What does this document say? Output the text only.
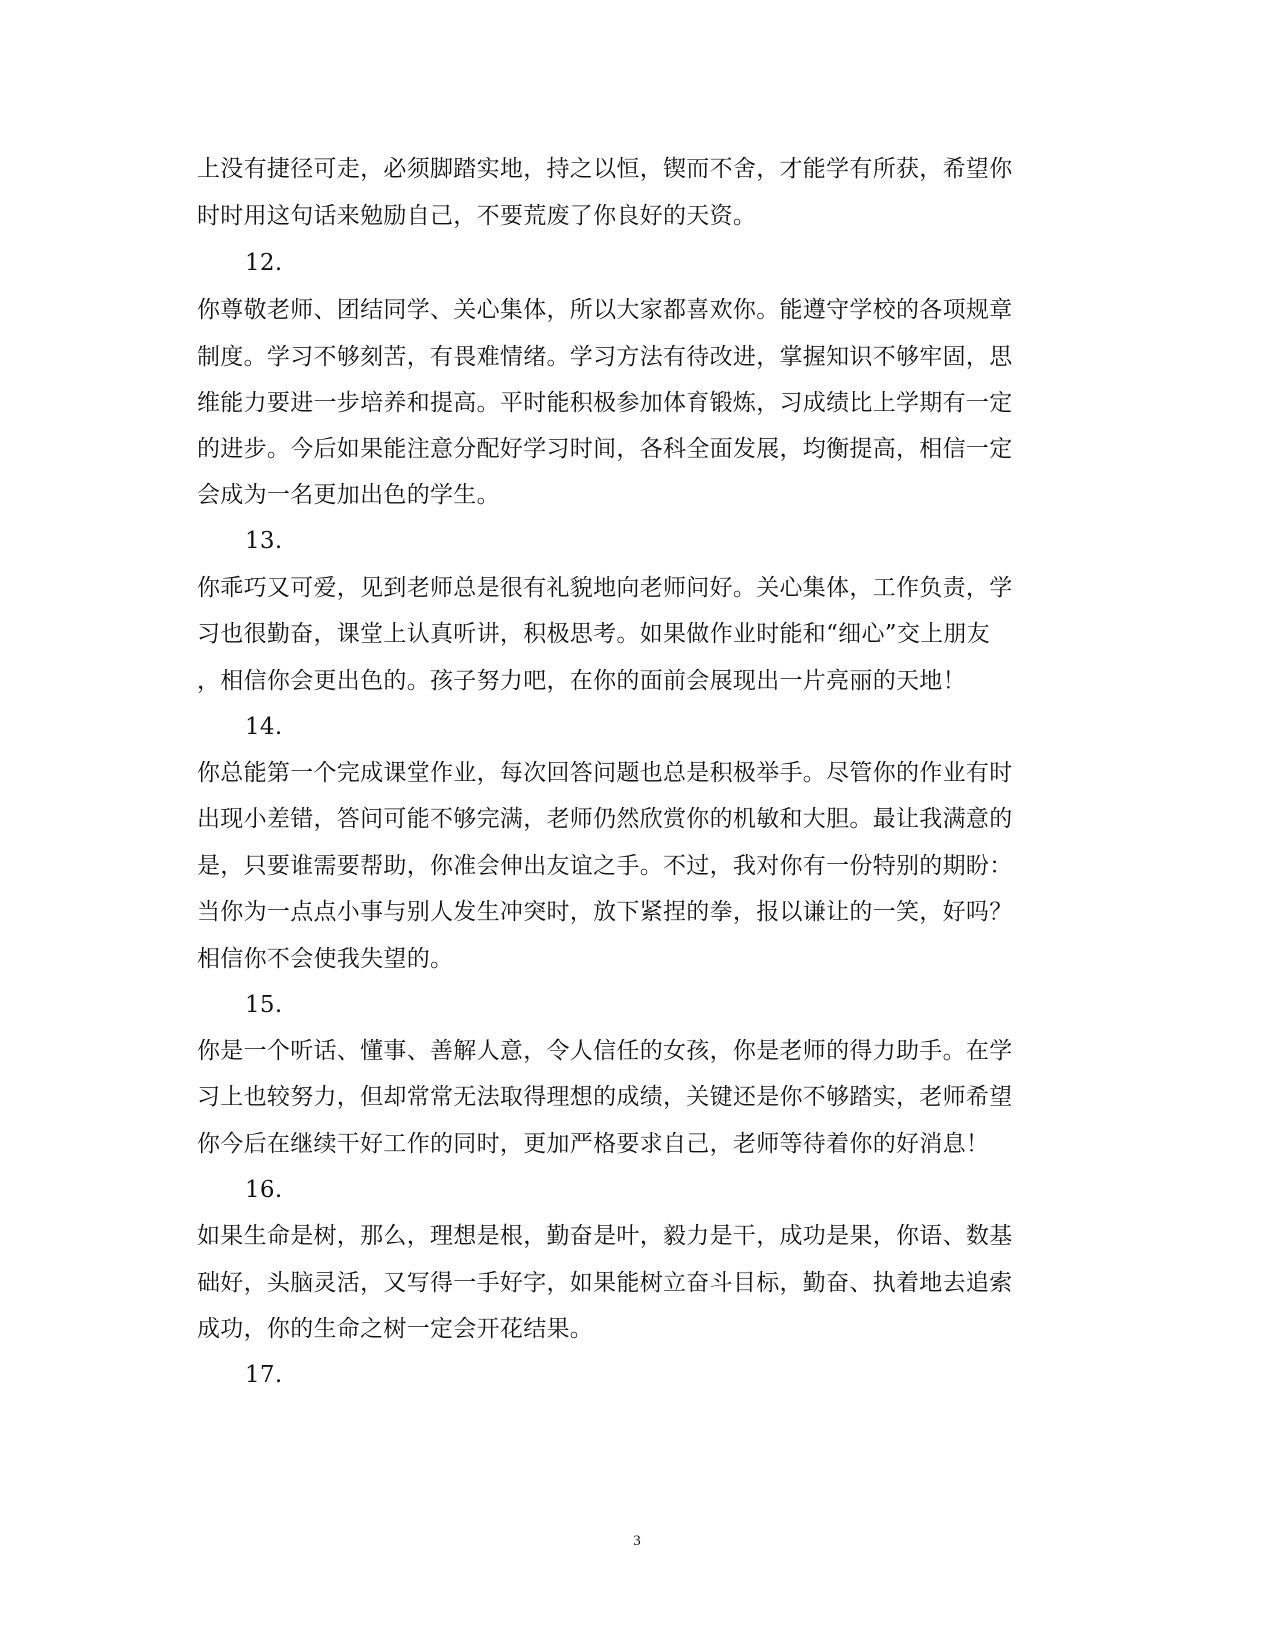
上没有捷径可走，必须脚踏实地，持之以恒，锲而不舍，才能学有所获，希望你
时时用这句话来勉励自己，不要荒废了你良好的天资。
12.
你尊敬老师、团结同学、关心集体，所以大家都喜欢你。能遵守学校的各项规章
制度。学习不够刻苦，有畏难情绪。学习方法有待改进，掌握知识不够牢固，思
维能力要进一步培养和提高。平时能积极参加体育锻炼，习成绩比上学期有一定
的进步。今后如果能注意分配好学习时间，各科全面发展，均衡提高，相信一定
会成为一名更加出色的学生。
13.
你乖巧又可爱，见到老师总是很有礼貌地向老师问好。关心集体，工作负责，学
习也很勤奋，课堂上认真听讲，积极思考。如果做作业时能和“细心”交上朋友
，相信你会更出色的。孩子努力吧，在你的面前会展现出一片亮丽的天地！
14.
你总能第一个完成课堂作业，每次回答问题也总是积极举手。尽管你的作业有时
出现小差错，答问可能不够完满，老师仍然欣赏你的机敏和大胆。最让我满意的
是，只要谁需要帮助，你准会伸出友谊之手。不过，我对你有一份特别的期盼：
当你为一点点小事与别人发生冲突时，放下紧捏的拳，报以谦让的一笑，好吗？
相信你不会使我失望的。
15.
你是一个听话、懂事、善解人意，令人信任的女孩，你是老师的得力助手。在学
习上也较努力，但却常常无法取得理想的成绩，关键还是你不够踏实，老师希望
你今后在继续干好工作的同时，更加严格要求自己，老师等待着你的好消息！
16.
如果生命是树，那么，理想是根，勤奋是叶，毅力是干，成功是果，你语、数基
础好，头脑灵活，又写得一手好字，如果能树立奋斗目标，勤奋、执着地去追索
成功，你的生命之树一定会开花结果。
17.
3
